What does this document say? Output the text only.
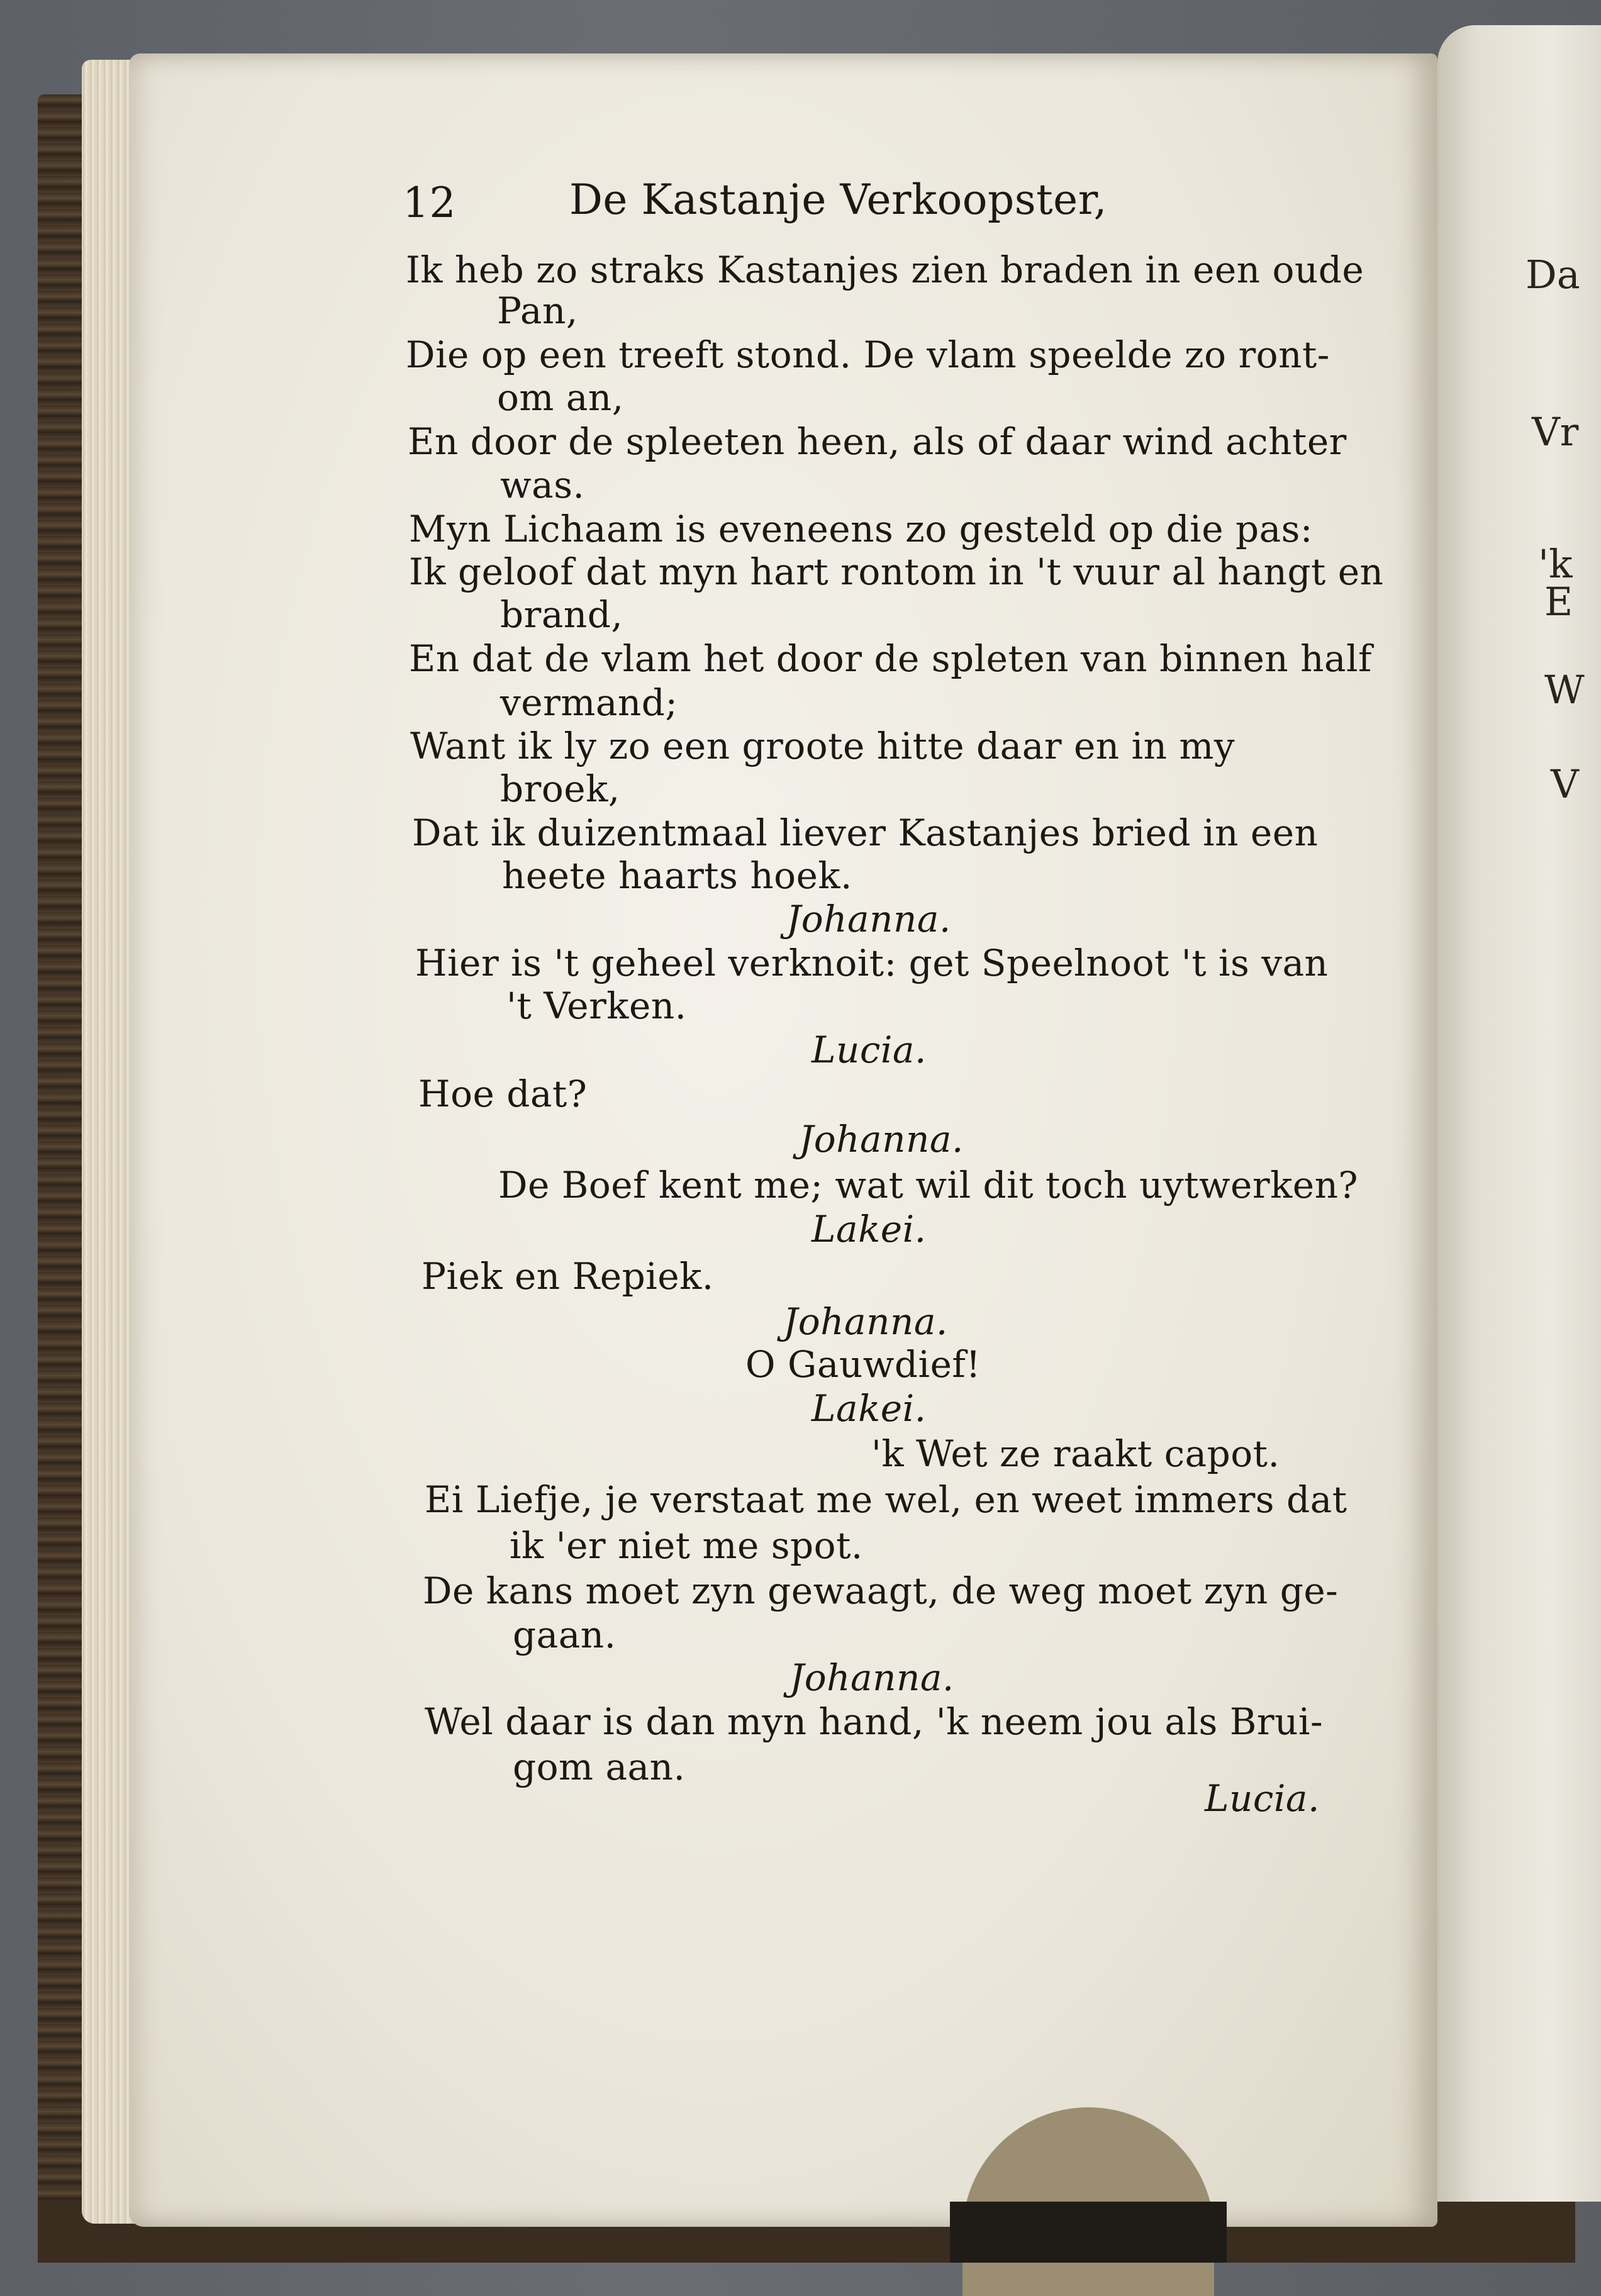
Da
Vr
'k
E
W
V
12	De Kastanje Verkoopster,
Ik heb zo straks Kastanjes zien braden in een oude
Pan,
Die op een treeft stond. De vlam speelde zo ront-
om an,
En door de spleeten heen, als of daar wind achter
was.
Myn Lichaam is eveneens zo gesteld op die pas:
Ik geloof dat myn hart rontom in 't vuur al hangt en
brand,
En dat de vlam het door de spleten van binnen half
vermand;
Want ik ly zo een groote hitte daar en in my
broek,
Dat ik duizentmaal liever Kastanjes bried in een
heete haarts hoek.
Johanna.
Hier is 't geheel verknoit: get Speelnoot 't is van
't Verken.
Lucia.
Hoe dat?
Johanna.
De Boef kent me; wat wil dit toch uytwerken?
Lakei.
Piek en Repiek.
Johanna.
O Gauwdief!
Lakei.
'k Wet ze raakt capot.
Ei Liefje, je verstaat me wel, en weet immers dat
ik 'er niet me spot.
De kans moet zyn gewaagt, de weg moet zyn ge-
gaan.
Johanna.
Wel daar is dan myn hand, 'k neem jou als Brui-
gom aan.
Lucia.
